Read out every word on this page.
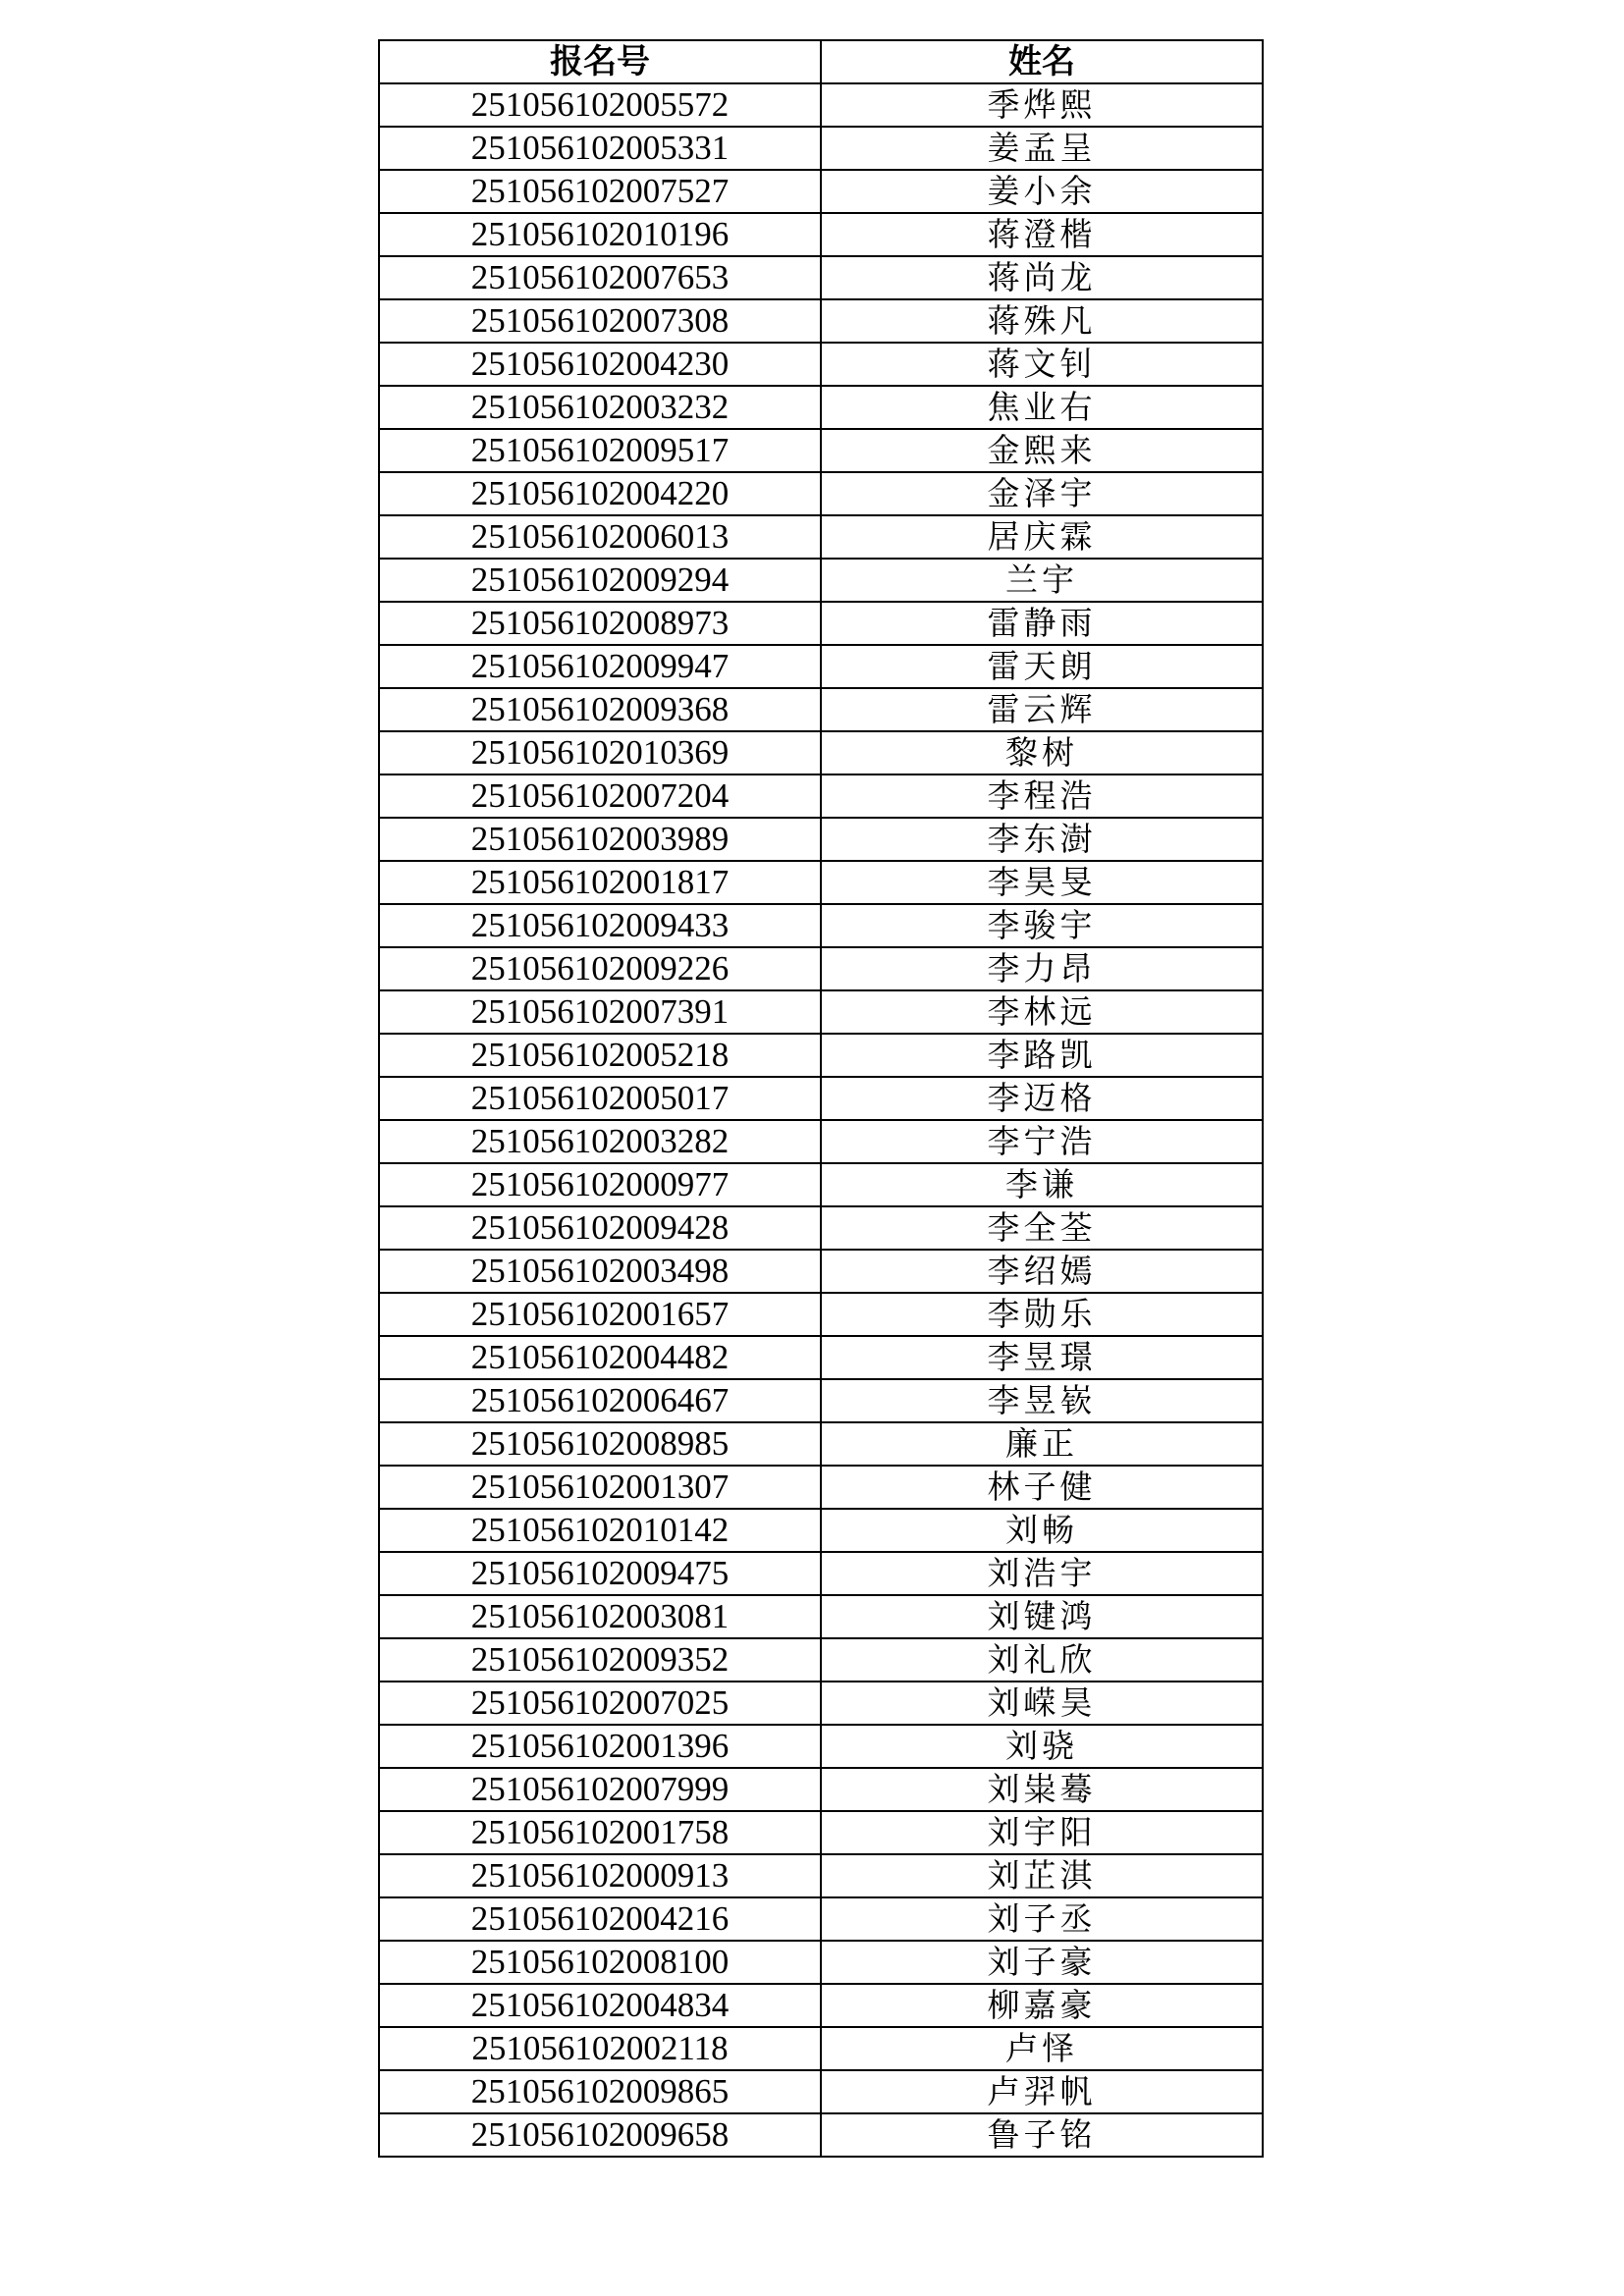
报名号	姓名
251056102005572	季烨熙
251056102005331	姜孟呈
251056102007527	姜小余
251056102010196	蒋澄楷
251056102007653	蒋尚龙
251056102007308	蒋殊凡
251056102004230	蒋文钊
251056102003232	焦业右
251056102009517	金熙来
251056102004220	金泽宇
251056102006013	居庆霖
251056102009294	兰宇
251056102008973	雷静雨
251056102009947	雷天朗
251056102009368	雷云辉
251056102010369	黎树
251056102007204	李程浩
251056102003989	李东澍
251056102001817	李昊旻
251056102009433	李骏宇
251056102009226	李力昂
251056102007391	李林远
251056102005218	李路凯
251056102005017	李迈格
251056102003282	李宁浩
251056102000977	李谦
251056102009428	李全荃
251056102003498	李绍嫣
251056102001657	李勋乐
251056102004482	李昱璟
251056102006467	李昱嵚
251056102008985	廉正
251056102001307	林子健
251056102010142	刘畅
251056102009475	刘浩宇
251056102003081	刘键鸿
251056102009352	刘礼欣
251056102007025	刘嵘昊
251056102001396	刘骁
251056102007999	刘粜蓦
251056102001758	刘宇阳
251056102000913	刘芷淇
251056102004216	刘子丞
251056102008100	刘子豪
251056102004834	柳嘉豪
251056102002118	卢怿
251056102009865	卢羿帆
251056102009658	鲁子铭
